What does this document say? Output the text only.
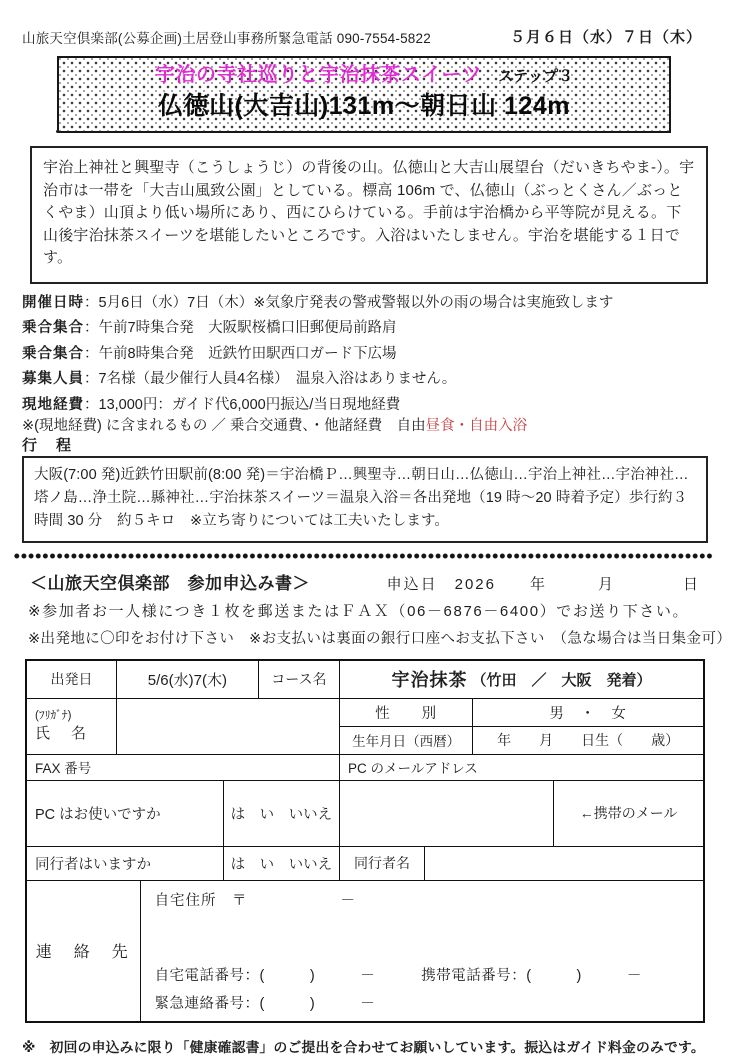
山旅天空倶楽部(公募企画)土居登山事務所緊急電話 090-7554-5822	５月６日（水）７日（木）
宇治の寺社巡りと宇治抹茶スイーツ ステップ３
仏徳山(大吉山)131m～朝日山 124m
宇治上神社と興聖寺（こうしょうじ）の背後の山。仏徳山と大吉山展望台（だいきちやま-）。宇治市は一帯を「大吉山風致公園」としている。標高 106m で、仏徳山（ぶっとくさん／ぶっとくやま）山頂より低い場所にあり、西にひらけている。手前は宇治橋から平等院が見える。下山後宇治抹茶スイーツを堪能したいところです。入浴はいたしません。宇治を堪能する１日です。
開催日時：5月6日（水）7日（木）※気象庁発表の警戒警報以外の雨の場合は実施致します
乗合集合：午前7時集合発　大阪駅桜橋口旧郵便局前路肩
乗合集合：午前8時集合発　近鉄竹田駅西口ガード下広場
募集人員：7名様（最少催行人員4名様）　温泉入浴はありません。
現地経費：13,000円：ガイド代6,000円振込/当日現地経費
※(現地経費) に含まれるもの ／ 乗合交通費、・他諸経費　自由昼食・自由入浴
行　程
大阪(7:00 発)近鉄竹田駅前(8:00 発)＝宇治橋Ｐ…興聖寺…朝日山…仏徳山…宇治上神社…宇治神社…塔ノ島…浄土院…縣神社…宇治抹茶スイーツ＝温泉入浴＝各出発地（19 時～20 時着予定）歩行約３時間 30 分　約５キロ　※立ち寄りについては工夫いたします。
＜山旅天空倶楽部　参加申込み書＞	申込日　2026　　年　　　月　　　　日
※参加者お一人様につき１枚を郵送またはＦＡＸ（06－6876－6400）でお送り下さい。
※出発地に〇印をお付け下さい　※お支払いは裏面の銀行口座へお支払下さい　（急な場合は当日集金可）
出発日	5/6(水)7(木)	コース名	宇治抹茶 （竹田　／　大阪　発着）
(ﾌﾘｶﾞﾅ)
氏　名
性　　別	男　・　女
生年月日（西暦）	年　　月　　日生（　　歳）
FAX 番号	PC のメールアドレス
PC はお使いですか	は　い　いいえ	←携帯のメール
同行者はいますか	は　い　いいえ	同行者名
連　絡　先
自宅住所　〒　　　　　　－
自宅電話番号：(　　　)　　　－	携帯電話番号：(　　　)　　　－
緊急連絡番号：(　　　)　　　－
※　初回の申込みに限り「健康確認書」のご提出を合わせてお願いしています。振込はガイド料金のみです。
